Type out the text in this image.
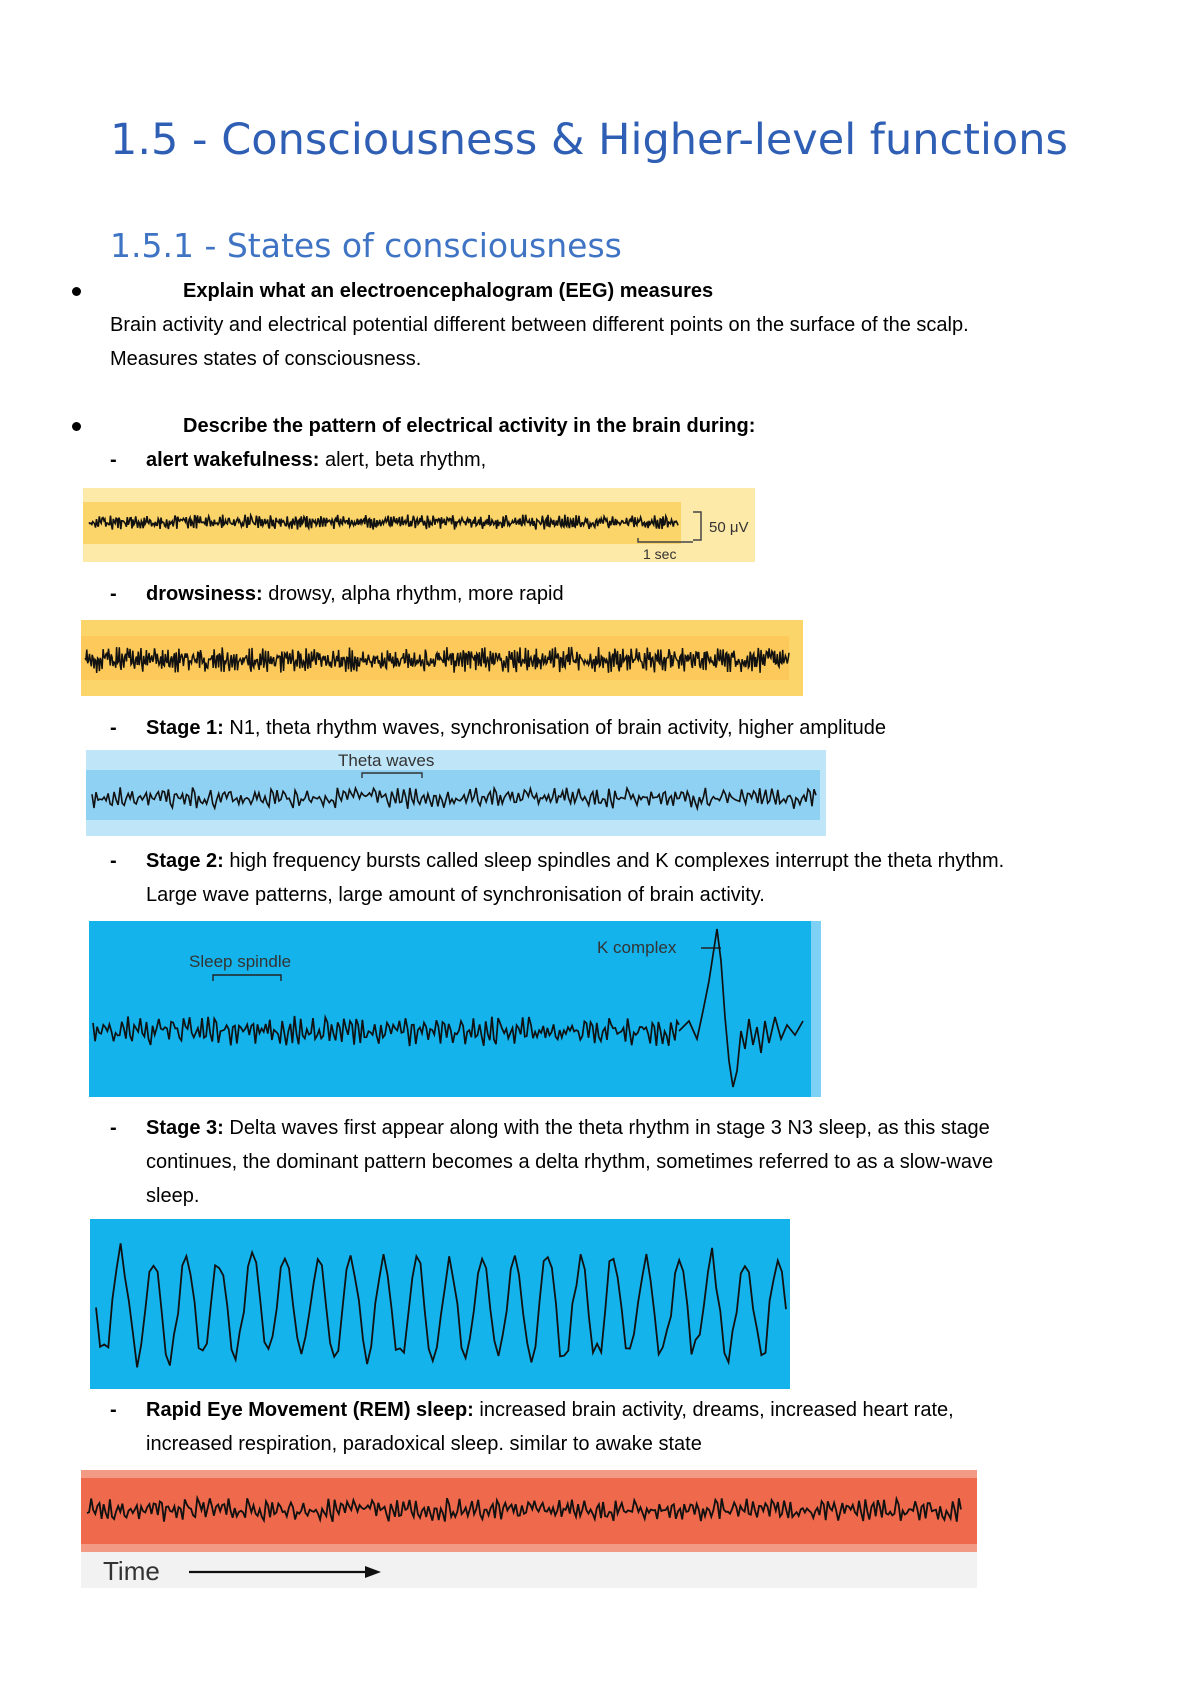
1.5 - Consciousness & Higher-level functions
1.5.1 - States of consciousness
Explain what an electroencephalogram (EEG) measures
Brain activity and electrical potential different between different points on the surface of the scalp.
Measures states of consciousness.
Describe the pattern of electrical activity in the brain during:
- alert wakefulness: alert, beta rhythm,
50 μV
1 sec
- drowsiness: drowsy, alpha rhythm, more rapid
- Stage 1: N1, theta rhythm waves, synchronisation of brain activity, higher amplitude
Theta waves
- Stage 2: high frequency bursts called sleep spindles and K complexes interrupt the theta rhythm.
Large wave patterns, large amount of synchronisation of brain activity.
Sleep spindle
K complex
- Stage 3: Delta waves first appear along with the theta rhythm in stage 3 N3 sleep, as this stage
continues, the dominant pattern becomes a delta rhythm, sometimes referred to as a slow-wave
sleep.
- Rapid Eye Movement (REM) sleep: increased brain activity, dreams, increased heart rate,
increased respiration, paradoxical sleep. similar to awake state
Time
